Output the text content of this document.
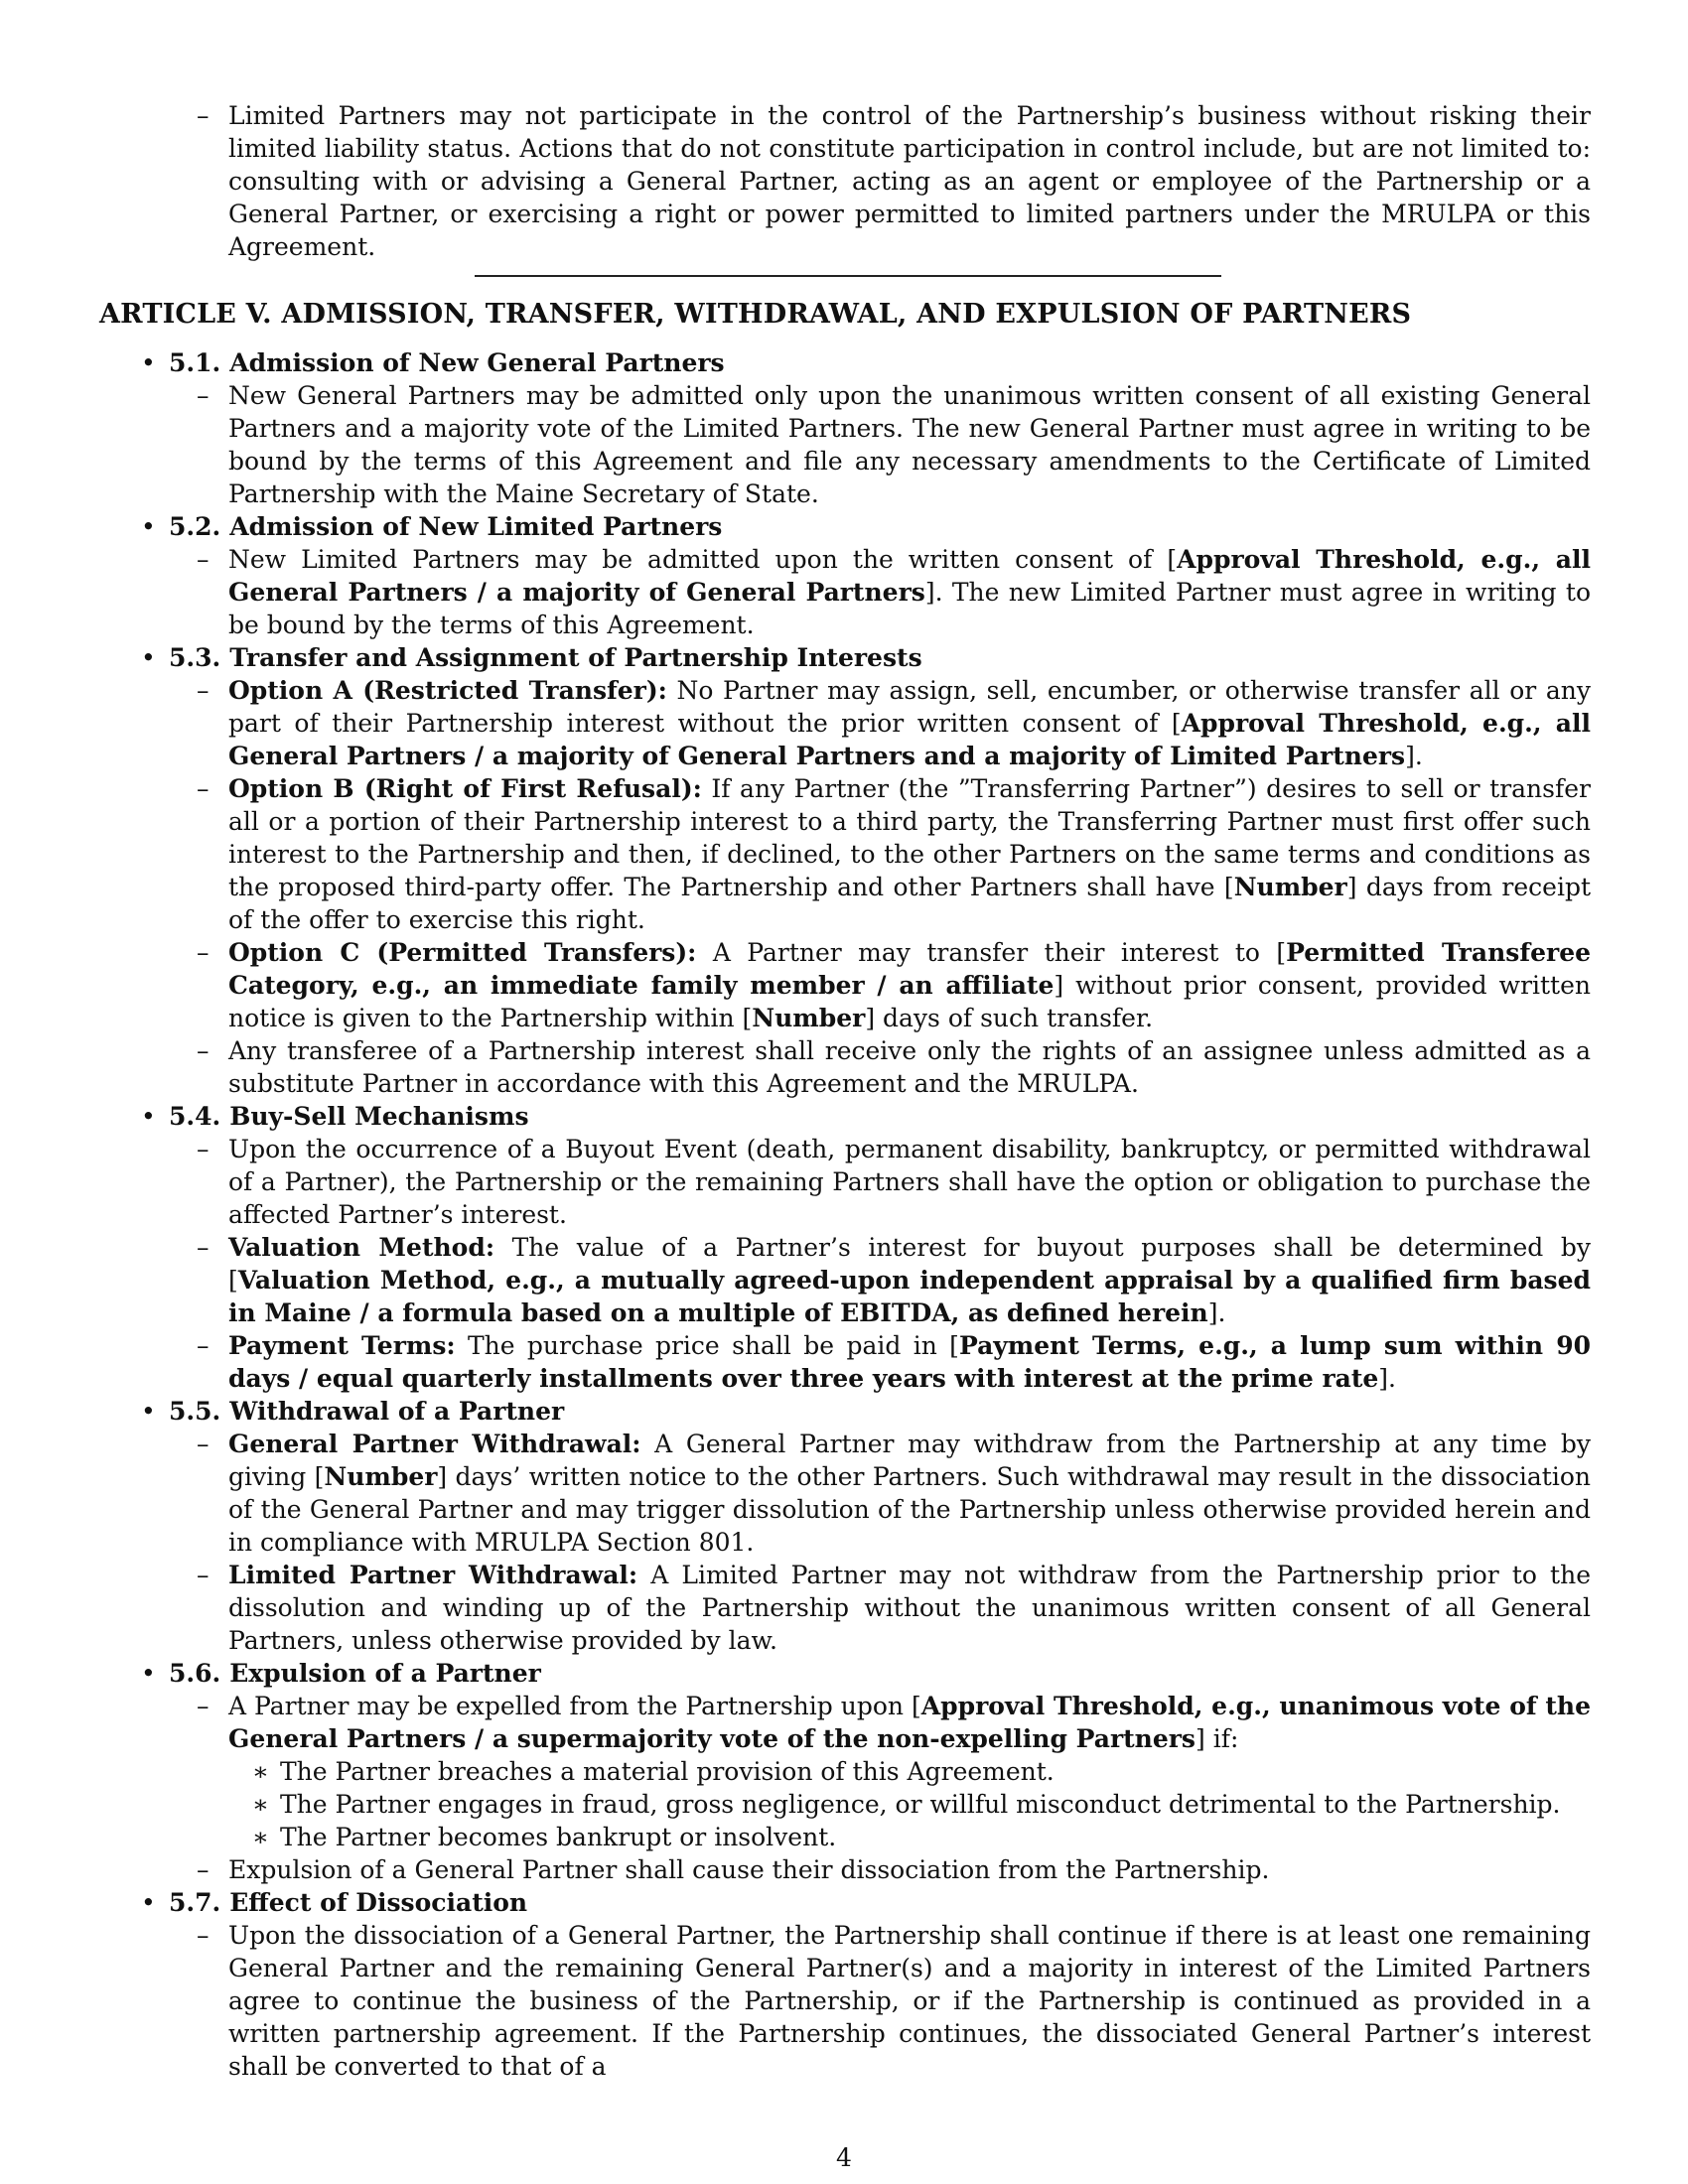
– Limited Partners may not participate in the control of the Partnership’s business without risking their limited liability status. Actions that do not constitute participation in control include, but are not limited to: consulting with or advising a General Partner, acting as an agent or employee of the Partnership or a General Partner, or exercising a right or power permitted to limited partners under the MRULPA or this Agreement.
ARTICLE V. ADMISSION, TRANSFER, WITHDRAWAL, AND EXPULSION OF PARTNERS
• 5.1. Admission of New General Partners
– New General Partners may be admitted only upon the unanimous written consent of all existing General Partners and a majority vote of the Limited Partners. The new General Partner must agree in writing to be bound by the terms of this Agreement and file any necessary amendments to the Certificate of Limited Partnership with the Maine Secretary of State.
• 5.2. Admission of New Limited Partners
– New Limited Partners may be admitted upon the written consent of [Approval Threshold, e.g., all General Partners / a majority of General Partners]. The new Limited Partner must agree in writing to be bound by the terms of this Agreement.
• 5.3. Transfer and Assignment of Partnership Interests
– Option A (Restricted Transfer): No Partner may assign, sell, encumber, or otherwise transfer all or any part of their Partnership interest without the prior written consent of [Approval Threshold, e.g., all General Partners / a majority of General Partners and a majority of Limited Partners].
– Option B (Right of First Refusal): If any Partner (the ”Transferring Partner”) desires to sell or transfer all or a portion of their Partnership interest to a third party, the Transferring Partner must first offer such interest to the Partnership and then, if declined, to the other Partners on the same terms and conditions as the proposed third-party offer. The Partnership and other Partners shall have [Number] days from receipt of the offer to exercise this right.
– Option C (Permitted Transfers): A Partner may transfer their interest to [Permitted Transferee Category, e.g., an immediate family member / an affiliate] without prior consent, provided written notice is given to the Partnership within [Number] days of such transfer.
– Any transferee of a Partnership interest shall receive only the rights of an assignee unless admitted as a substitute Partner in accordance with this Agreement and the MRULPA.
• 5.4. Buy-Sell Mechanisms
– Upon the occurrence of a Buyout Event (death, permanent disability, bankruptcy, or permitted withdrawal of a Partner), the Partnership or the remaining Partners shall have the option or obligation to purchase the affected Partner’s interest.
– Valuation Method: The value of a Partner’s interest for buyout purposes shall be determined by [Valuation Method, e.g., a mutually agreed-upon independent appraisal by a qualified firm based in Maine / a formula based on a multiple of EBITDA, as defined herein].
– Payment Terms: The purchase price shall be paid in [Payment Terms, e.g., a lump sum within 90 days / equal quarterly installments over three years with interest at the prime rate].
• 5.5. Withdrawal of a Partner
– General Partner Withdrawal: A General Partner may withdraw from the Partnership at any time by giving [Number] days’ written notice to the other Partners. Such withdrawal may result in the dissociation of the General Partner and may trigger dissolution of the Partnership unless otherwise provided herein and in compliance with MRULPA Section 801.
– Limited Partner Withdrawal: A Limited Partner may not withdraw from the Partnership prior to the dissolution and winding up of the Partnership without the unanimous written consent of all General Partners, unless otherwise provided by law.
• 5.6. Expulsion of a Partner
– A Partner may be expelled from the Partnership upon [Approval Threshold, e.g., unanimous vote of the General Partners / a supermajority vote of the non-expelling Partners] if:
∗ The Partner breaches a material provision of this Agreement.
∗ The Partner engages in fraud, gross negligence, or willful misconduct detrimental to the Partnership.
∗ The Partner becomes bankrupt or insolvent.
– Expulsion of a General Partner shall cause their dissociation from the Partnership.
• 5.7. Effect of Dissociation
– Upon the dissociation of a General Partner, the Partnership shall continue if there is at least one remaining General Partner and the remaining General Partner(s) and a majority in interest of the Limited Partners agree to continue the business of the Partnership, or if the Partnership is continued as provided in a written partnership agreement. If the Partnership continues, the dissociated General Partner’s interest shall be converted to that of a
4
